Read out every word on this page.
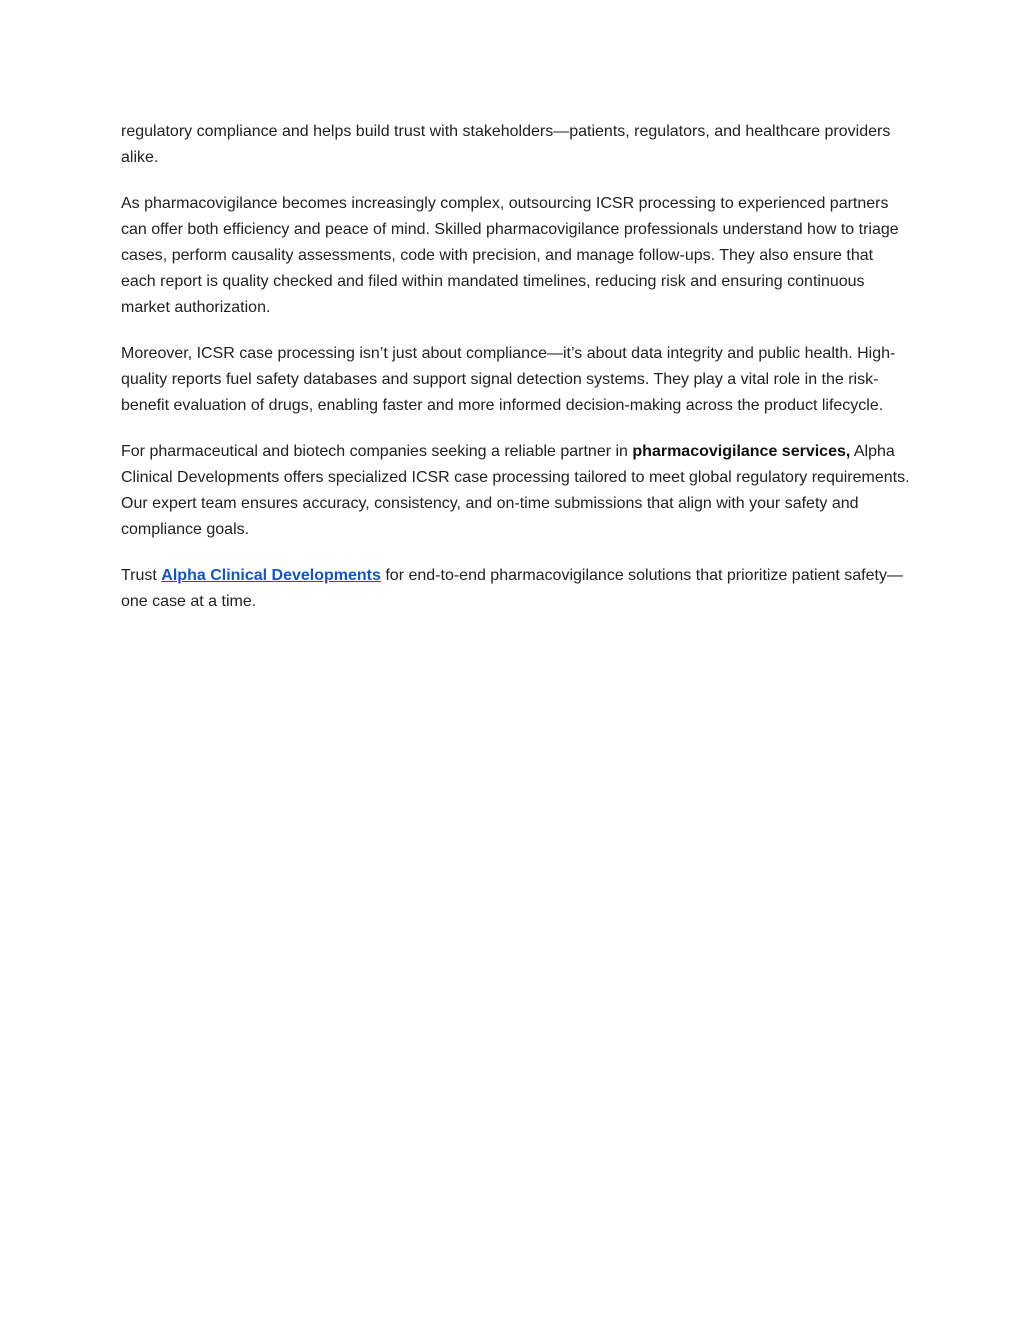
regulatory compliance and helps build trust with stakeholders—patients, regulators, and healthcare providers alike.

As pharmacovigilance becomes increasingly complex, outsourcing ICSR processing to experienced partners can offer both efficiency and peace of mind. Skilled pharmacovigilance professionals understand how to triage cases, perform causality assessments, code with precision, and manage follow-ups. They also ensure that each report is quality checked and filed within mandated timelines, reducing risk and ensuring continuous market authorization.

Moreover, ICSR case processing isn’t just about compliance—it’s about data integrity and public health. High-quality reports fuel safety databases and support signal detection systems. They play a vital role in the risk-benefit evaluation of drugs, enabling faster and more informed decision-making across the product lifecycle.

For pharmaceutical and biotech companies seeking a reliable partner in pharmacovigilance services, Alpha Clinical Developments offers specialized ICSR case processing tailored to meet global regulatory requirements. Our expert team ensures accuracy, consistency, and on-time submissions that align with your safety and compliance goals.

Trust Alpha Clinical Developments for end-to-end pharmacovigilance solutions that prioritize patient safety—one case at a time.
